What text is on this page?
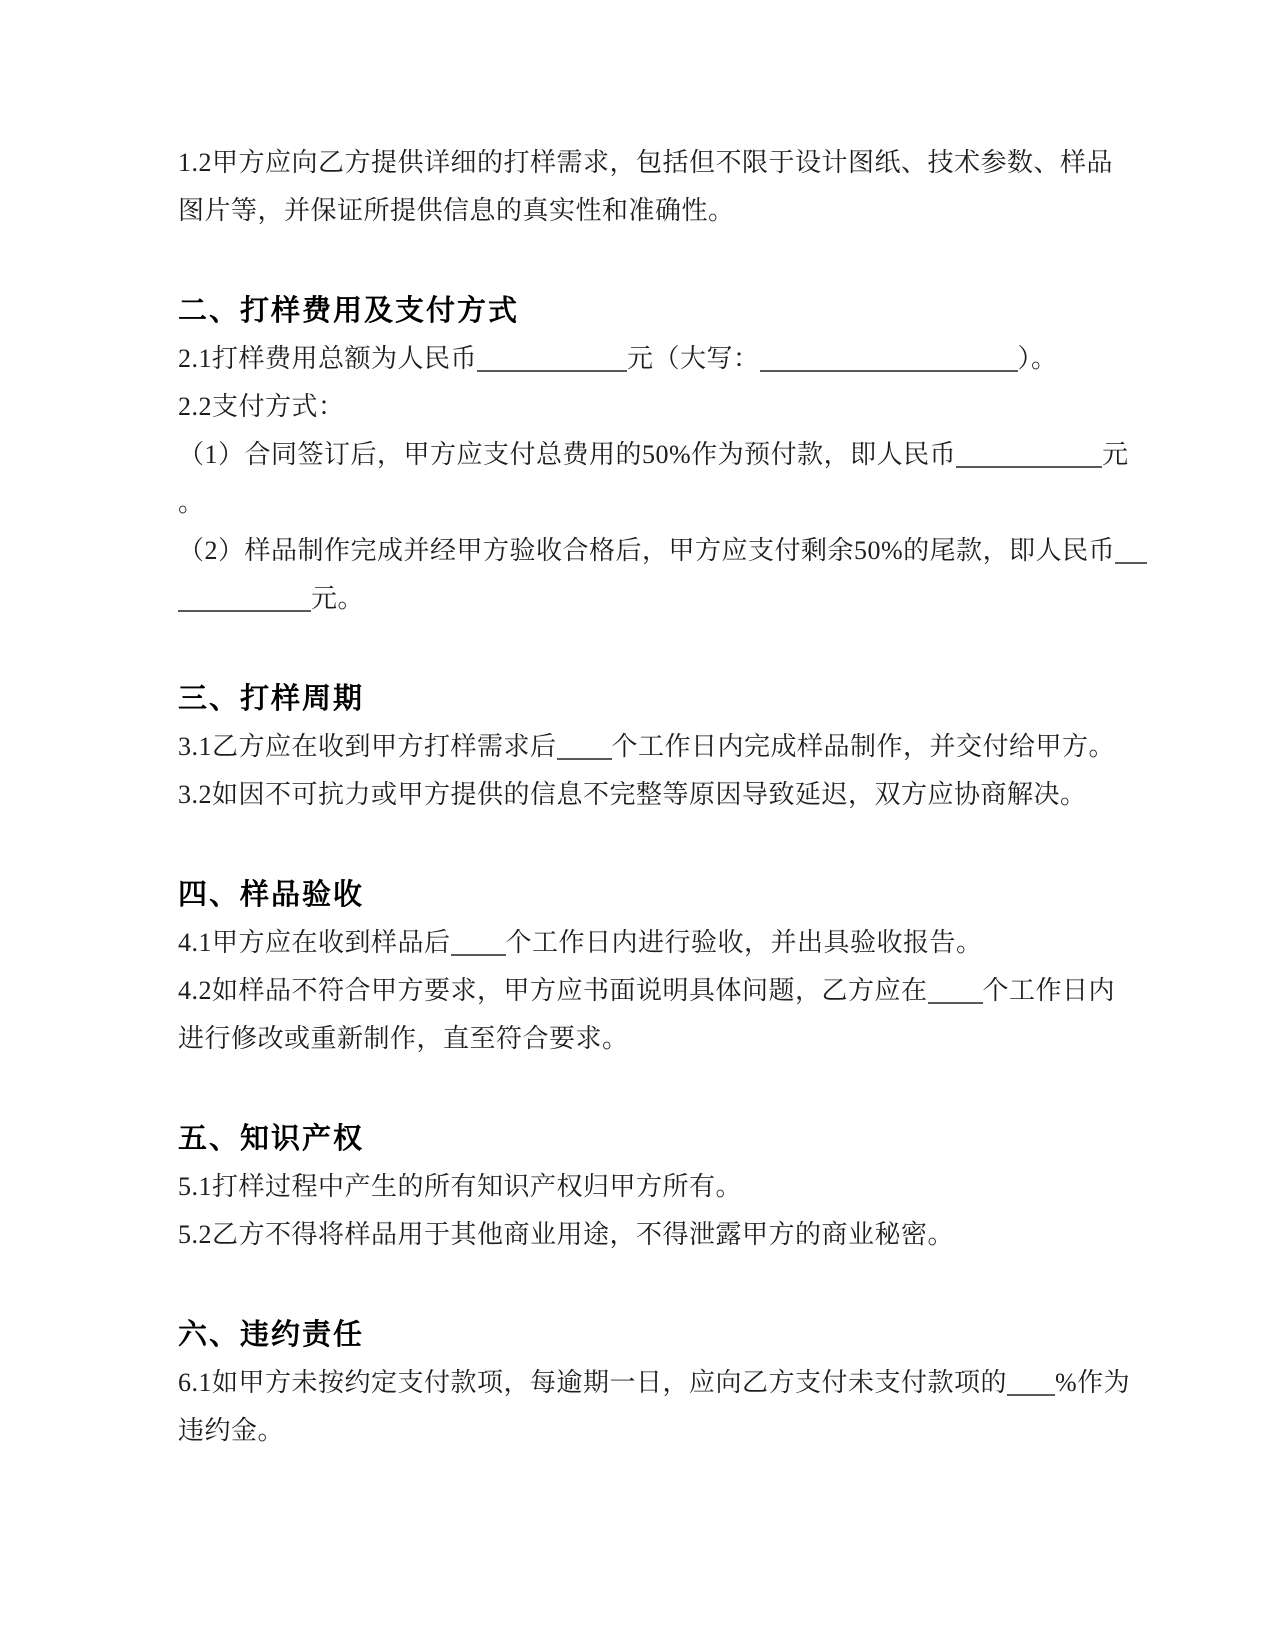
1.2甲方应向乙方提供详细的打样需求，包括但不限于设计图纸、技术参数、样品
图片等，并保证所提供信息的真实性和准确性。
二、打样费用及支付方式
2.1打样费用总额为人民币	元（大写：	）。
2.2支付方式：
（1）合同签订后，甲方应支付总费用的50%作为预付款，即人民币	元
。
（2）样品制作完成并经甲方验收合格后，甲方应支付剩余50%的尾款，即人民币
元。
三、打样周期
3.1乙方应在收到甲方打样需求后 个工作日内完成样品制作，并交付给甲方。
3.2如因不可抗力或甲方提供的信息不完整等原因导致延迟，双方应协商解决。
四、样品验收
4.1甲方应在收到样品后 个工作日内进行验收，并出具验收报告。
4.2如样品不符合甲方要求，甲方应书面说明具体问题，乙方应在 个工作日内
进行修改或重新制作，直至符合要求。
五、知识产权
5.1打样过程中产生的所有知识产权归甲方所有。
5.2乙方不得将样品用于其他商业用途，不得泄露甲方的商业秘密。
六、违约责任
6.1如甲方未按约定支付款项，每逾期一日，应向乙方支付未支付款项的 %作为
违约金。
